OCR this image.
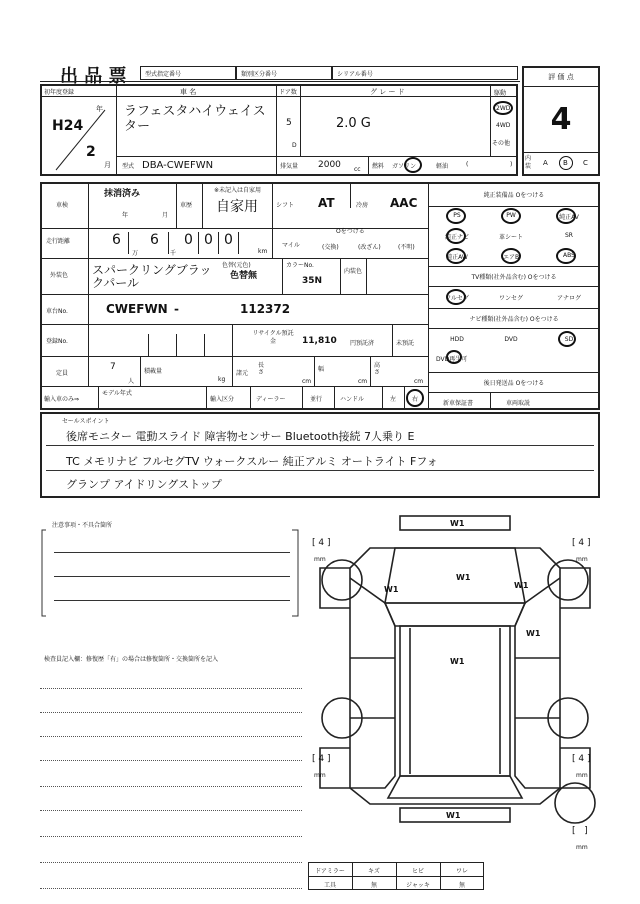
出 品 票	型式指定番号	類別区分番号	シリアル番号	評 価 点
4
初年度登録
年
H24
2
月
車 名
ラフェスタハイウェイスター
ドア数
5
D
グ レ ー ド
2.0 G
駆動
2WD
4WD
その他
型式 DBA-CWEFWN	排気量 2000 cc 燃料 ガソリン	軽油	(	)
内装 A B C
車検
抹消済み
年	月
車歴
※未記入は自家用
自家用	シフト AT	冷房 AAC
走行距離	6 6
万	千
0 0 0
km
マイル
Oをつける
(交換)	(改ざん)	(不明)
外装色 スパークリングブラックパール
色替(元色)
色替無
カラーNo.
35N
内装色
車台No.	CWEFWN -	112372
登録No.
リサイクル預託金	11,810 円預託済	未預託
定員
7
人
積載量
kg
諸元
長さ
cm
幅
cm
高さ
cm
輸入車のみ⇒
モデル年式
輸入区分	ディーラー	並行	ハンドル	左	右
純正装備品 Oをつける
PS	PW	純正AV
純正ナビ	革シート	SR
純正AW	エアB	ABS
TV種類(社外品含む) Oをつける
フルセグ	ワンセグ	アナログ
ナビ種類(社外品含む) Oをつける
HDD	DVD	SD
DVD再生可
後日発送品 Oをつける
新車保証書	車両取説
セールスポイント
後席モニター 電動スライド 障害物センサー Bluetooth接続 7人乗り E
TC メモリナビ フルセグTV ウォークスルー 純正アルミ オートライト Fフォ
グランプ アイドリングストップ
注意事項・不具合箇所
検査員記入欄：修復歴「有」の場合は修復箇所・交換箇所を記入
W1
W1
W1
W1
W1
W1
W1
[ 4 ]
mm
[ 4 ]
mm
[ 4 ]
mm
[ 4 ]
mm
[   ]
mm
ドアミラー	キズ	ヒビ	ワレ
工具	無	ジャッキ	無
